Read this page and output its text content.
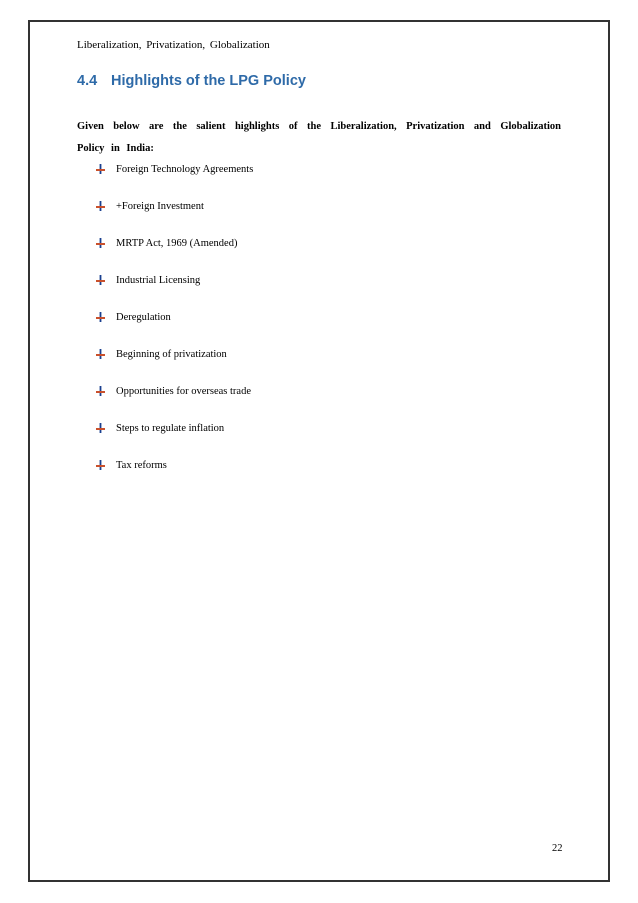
Liberalization, Privatization, Globalization
4.4 Highlights of the LPG Policy

Given below are the salient highlights of the Liberalization, Privatization and Globalization Policy in India:

Foreign Technology Agreements
+Foreign Investment
MRTP Act, 1969 (Amended)
Industrial Licensing
Deregulation
Beginning of privatization
Opportunities for overseas trade
Steps to regulate inflation
Tax reforms
22
